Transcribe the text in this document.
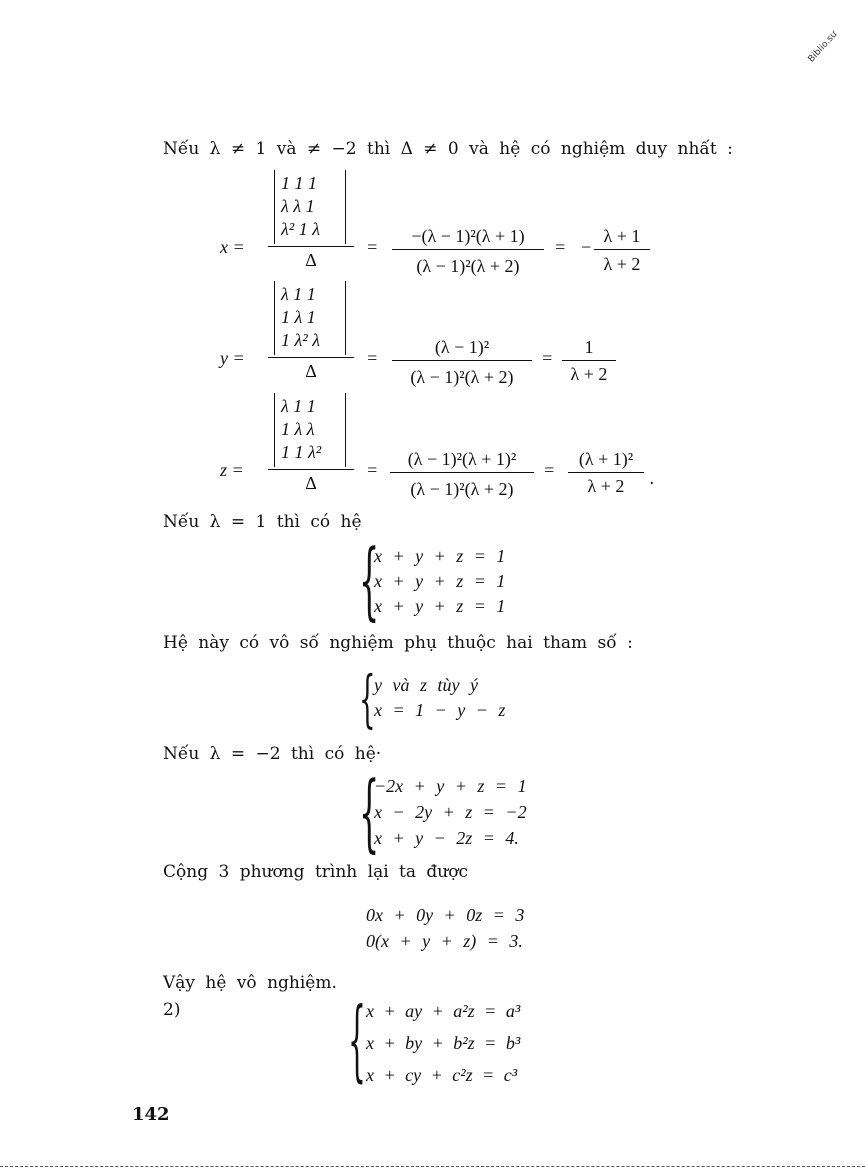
Biblio.sư
Nếu λ ≠ 1 và ≠ −2 thì Δ ≠ 0 và hệ có nghiệm duy nhất :
1 1 1
λ λ 1
λ² 1 λ
Δ
x =	=
−(λ − 1)²(λ + 1)
(λ − 1)²(λ + 2)
= −
λ + 1
λ + 2
λ 1 1
1 λ 1
1 λ² λ
Δ
y =	=
(λ − 1)²
(λ − 1)²(λ + 2)
=
1
λ + 2
λ 1 1
1 λ λ
1 1 λ²
Δ
z =	=
(λ − 1)²(λ + 1)²
(λ − 1)²(λ + 2)
=
(λ + 1)²
λ + 2	.
Nếu λ = 1 thì có hệ
{
x + y + z = 1
x + y + z = 1
x + y + z = 1
Hệ này có vô số nghiệm phụ thuộc hai tham số :
{
y và z tùy ý
x = 1 − y − z
Nếu λ = −2 thì có hệ·
{
−2x + y + z = 1
x − 2y + z = −2
x + y − 2z = 4.
Cộng 3 phương trình lại ta được
0x + 0y + 0z = 3
0(x + y + z) = 3.
Vậy hệ vô nghiệm.
2) { x + ay + a²z = a³
x + by + b²z = b³
x + cy + c²z = c³
142
